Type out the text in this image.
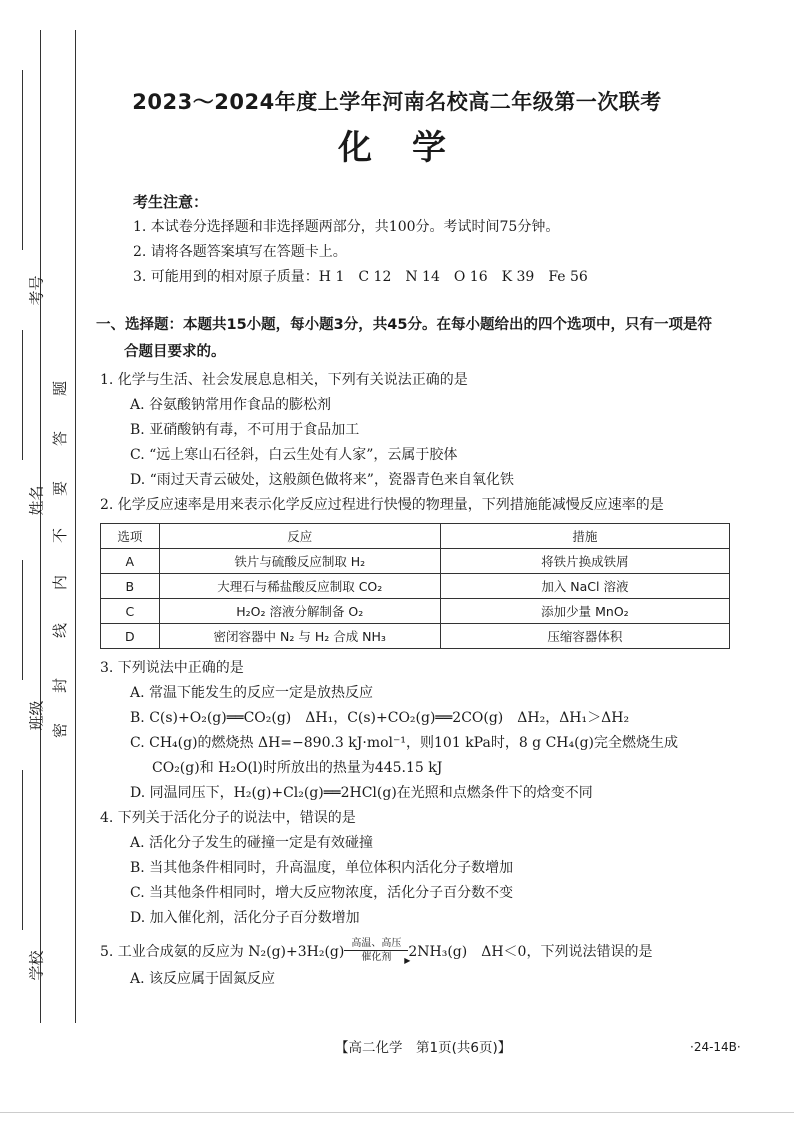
考号
姓名
班级
学校
密
封
线
内
不
要
答
题
2023～2024年度上学年河南名校高二年级第一次联考
化学
考生注意：
1. 本试卷分选择题和非选择题两部分，共100分。考试时间75分钟。
2. 请将各题答案填写在答题卡上。
3. 可能用到的相对原子质量：H 1　C 12　N 14　O 16　K 39　Fe 56
一、选择题：本题共15小题，每小题3分，共45分。在每小题给出的四个选项中，只有一项是符
合题目要求的。
1. 化学与生活、社会发展息息相关，下列有关说法正确的是
A. 谷氨酸钠常用作食品的膨松剂
B. 亚硝酸钠有毒，不可用于食品加工
C. “远上寒山石径斜，白云生处有人家”，云属于胶体
D. “雨过天青云破处，这般颜色做将来”，瓷器青色来自氧化铁
2. 化学反应速率是用来表示化学反应过程进行快慢的物理量，下列措施能减慢反应速率的是
选项	反应	措施
A	铁片与硫酸反应制取 H₂	将铁片换成铁屑
B	大理石与稀盐酸反应制取 CO₂	加入 NaCl 溶液
C	H₂O₂ 溶液分解制备 O₂	添加少量 MnO₂
D	密闭容器中 N₂ 与 H₂ 合成 NH₃	压缩容器体积
3. 下列说法中正确的是
A. 常温下能发生的反应一定是放热反应
B. C(s)+O₂(g)══CO₂(g)　ΔH₁，C(s)+CO₂(g)══2CO(g)　ΔH₂，ΔH₁＞ΔH₂
C. CH₄(g)的燃烧热 ΔH=−890.3 kJ·mol⁻¹，则101 kPa时，8 g CH₄(g)完全燃烧生成
CO₂(g)和 H₂O(l)时所放出的热量为445.15 kJ
D. 同温同压下，H₂(g)+Cl₂(g)══2HCl(g)在光照和点燃条件下的焓变不同
4. 下列关于活化分子的说法中，错误的是
A. 活化分子发生的碰撞一定是有效碰撞
B. 当其他条件相同时，升高温度，单位体积内活化分子数增加
C. 当其他条件相同时，增大反应物浓度，活化分子百分数不变
D. 加入催化剂，活化分子百分数增加
5. 工业合成氨的反应为 N₂(g)+3H₂(g)
高温、高压
▶
催化剂	2NH₃(g)　ΔH＜0，下列说法错误的是
A. 该反应属于固氮反应
【高二化学　第1页(共6页)】	·24-14B·
